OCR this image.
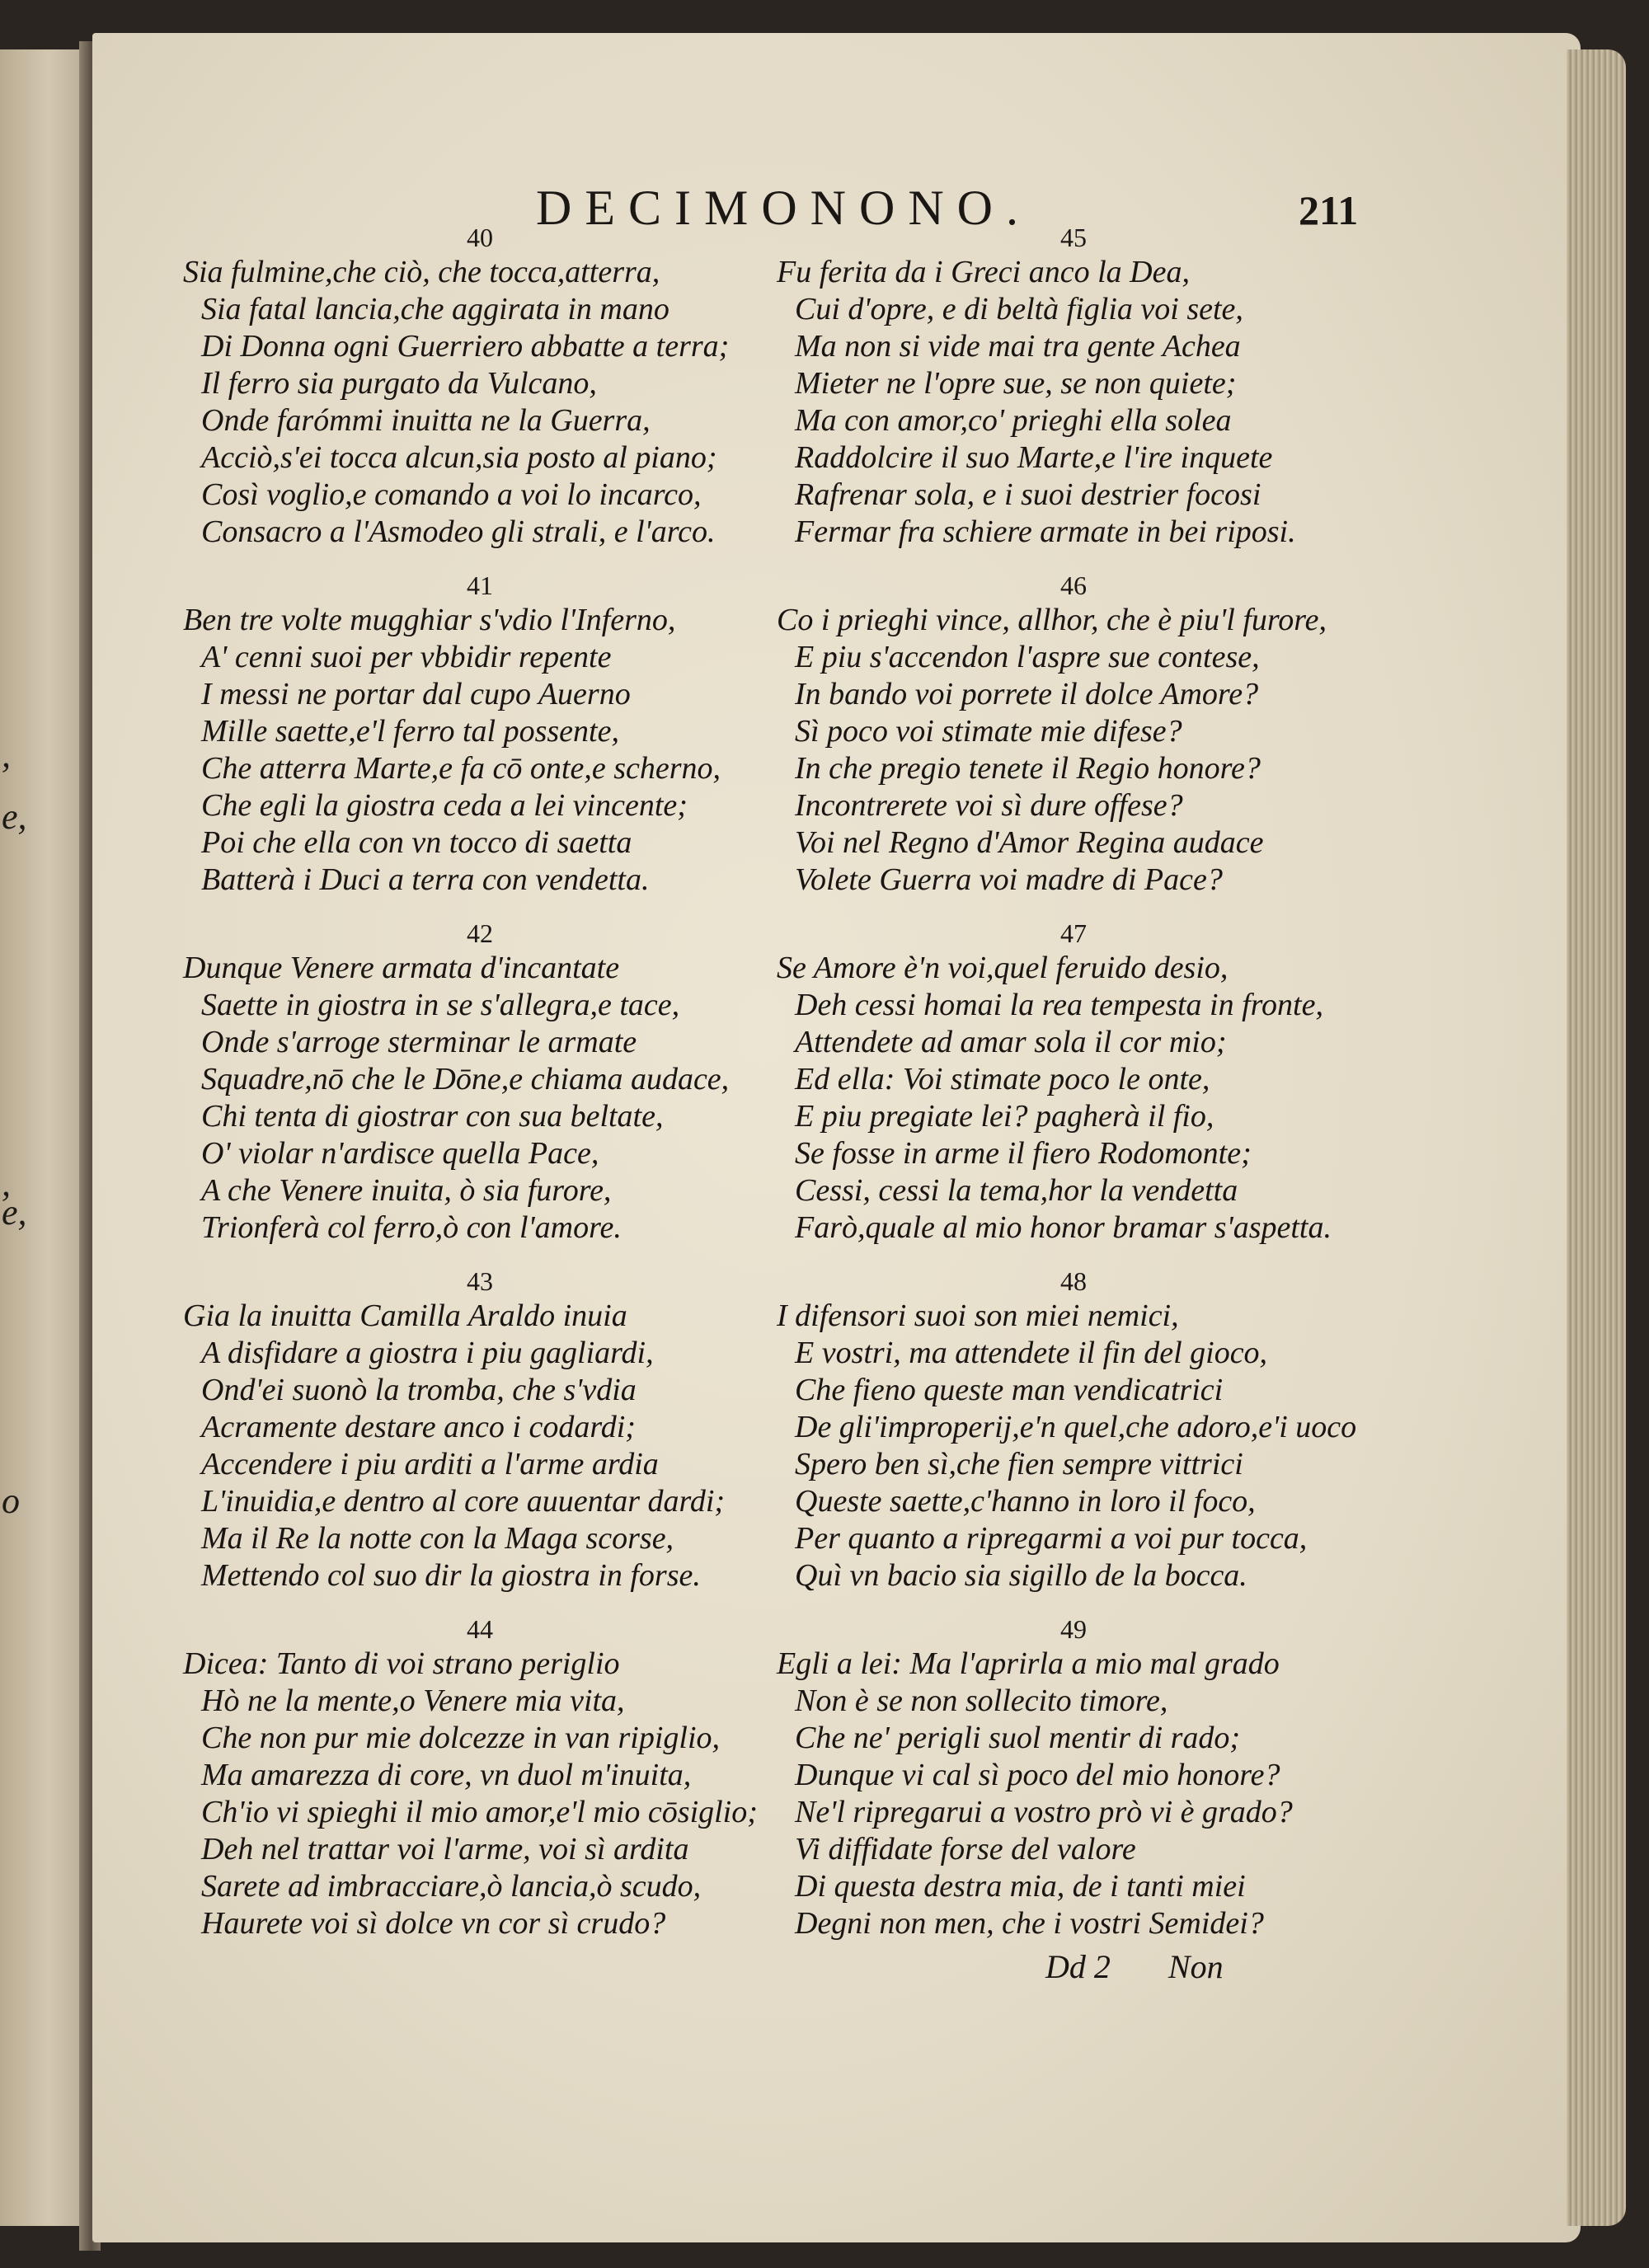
,
e,
,
e,
o
DECIMONONO.	211
40
Sia fulmine,che ciò, che tocca,atterra,
Sia fatal lancia,che aggirata in mano
Di Donna ogni Guerriero abbatte a terra;
Il ferro sia purgato da Vulcano,
Onde farómmi inuitta ne la Guerra,
Acciò,s'ei tocca alcun,sia posto al piano;
Così voglio,e comando a voi lo incarco,
Consacro a l'Asmodeo gli strali, e l'arco.
41
Ben tre volte mugghiar s'vdio l'Inferno,
A' cenni suoi per vbbidir repente
I messi ne portar dal cupo Auerno
Mille saette,e'l ferro tal possente,
Che atterra Marte,e fa cō onte,e scherno,
Che egli la giostra ceda a lei vincente;
Poi che ella con vn tocco di saetta
Batterà i Duci a terra con vendetta.
42
Dunque Venere armata d'incantate
Saette in giostra in se s'allegra,e tace,
Onde s'arroge sterminar le armate
Squadre,nō che le Dōne,e chiama audace,
Chi tenta di giostrar con sua beltate,
O' violar n'ardisce quella Pace,
A che Venere inuita, ò sia furore,
Trionferà col ferro,ò con l'amore.
43
Gia la inuitta Camilla Araldo inuia
A disfidare a giostra i piu gagliardi,
Ond'ei suonò la tromba, che s'vdia
Acramente destare anco i codardi;
Accendere i piu arditi a l'arme ardia
L'inuidia,e dentro al core auuentar dardi;
Ma il Re la notte con la Maga scorse,
Mettendo col suo dir la giostra in forse.
44
Dicea: Tanto di voi strano periglio
Hò ne la mente,o Venere mia vita,
Che non pur mie dolcezze in van ripiglio,
Ma amarezza di core, vn duol m'inuita,
Ch'io vi spieghi il mio amor,e'l mio cōsiglio;
Deh nel trattar voi l'arme, voi sì ardita
Sarete ad imbracciare,ò lancia,ò scudo,
Haurete voi sì dolce vn cor sì crudo?
45
Fu ferita da i Greci anco la Dea,
Cui d'opre, e di beltà figlia voi sete,
Ma non si vide mai tra gente Achea
Mieter ne l'opre sue, se non quiete;
Ma con amor,co' prieghi ella solea
Raddolcire il suo Marte,e l'ire inquete
Rafrenar sola, e i suoi destrier focosi
Fermar fra schiere armate in bei riposi.
46
Co i prieghi vince, allhor, che è piu'l furore,
E piu s'accendon l'aspre sue contese,
In bando voi porrete il dolce Amore?
Sì poco voi stimate mie difese?
In che pregio tenete il Regio honore?
Incontrerete voi sì dure offese?
Voi nel Regno d'Amor Regina audace
Volete Guerra voi madre di Pace?
47
Se Amore è'n voi,quel feruido desio,
Deh cessi homai la rea tempesta in fronte,
Attendete ad amar sola il cor mio;
Ed ella: Voi stimate poco le onte,
E piu pregiate lei? pagherà il fio,
Se fosse in arme il fiero Rodomonte;
Cessi, cessi la tema,hor la vendetta
Farò,quale al mio honor bramar s'aspetta.
48
I difensori suoi son miei nemici,
E vostri, ma attendete il fin del gioco,
Che fieno queste man vendicatrici
De gli'improperij,e'n quel,che adoro,e'i uoco
Spero ben sì,che fien sempre vittrici
Queste saette,c'hanno in loro il foco,
Per quanto a ripregarmi a voi pur tocca,
Quì vn bacio sia sigillo de la bocca.
49
Egli a lei: Ma l'aprirla a mio mal grado
Non è se non sollecito timore,
Che ne' perigli suol mentir di rado;
Dunque vi cal sì poco del mio honore?
Ne'l ripregarui a vostro prò vi è grado?
Vi diffidate forse del valore
Di questa destra mia, de i tanti miei
Degni non men, che i vostri Semidei?
Dd 2 Non
